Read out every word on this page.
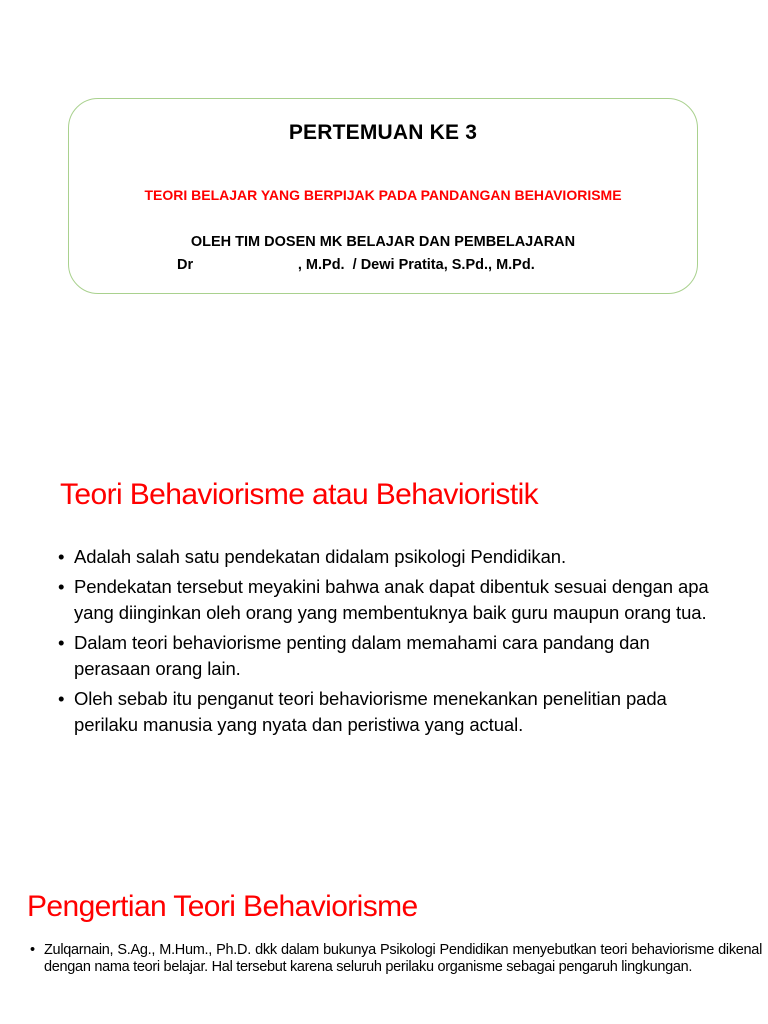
PERTEMUAN KE 3
TEORI BELAJAR YANG BERPIJAK PADA PANDANGAN BEHAVIORISME
OLEH TIM DOSEN MK BELAJAR DAN PEMBELAJARAN
Dr                          , M.Pd.  / Dewi Pratita, S.Pd., M.Pd.
Teori Behaviorisme atau Behavioristik
• Adalah salah satu pendekatan didalam psikologi Pendidikan.
• Pendekatan tersebut meyakini bahwa anak dapat dibentuk sesuai dengan apa yang diinginkan oleh orang yang membentuknya baik guru maupun orang tua.
• Dalam teori behaviorisme penting dalam memahami cara pandang dan perasaan orang lain.
• Oleh sebab itu penganut teori behaviorisme menekankan penelitian pada perilaku manusia yang nyata dan peristiwa yang actual.
Pengertian Teori Behaviorisme
• Zulqarnain, S.Ag., M.Hum., Ph.D. dkk dalam bukunya Psikologi Pendidikan menyebutkan teori behaviorisme dikenal dengan nama teori belajar. Hal tersebut karena seluruh perilaku organisme sebagai pengaruh lingkungan.
